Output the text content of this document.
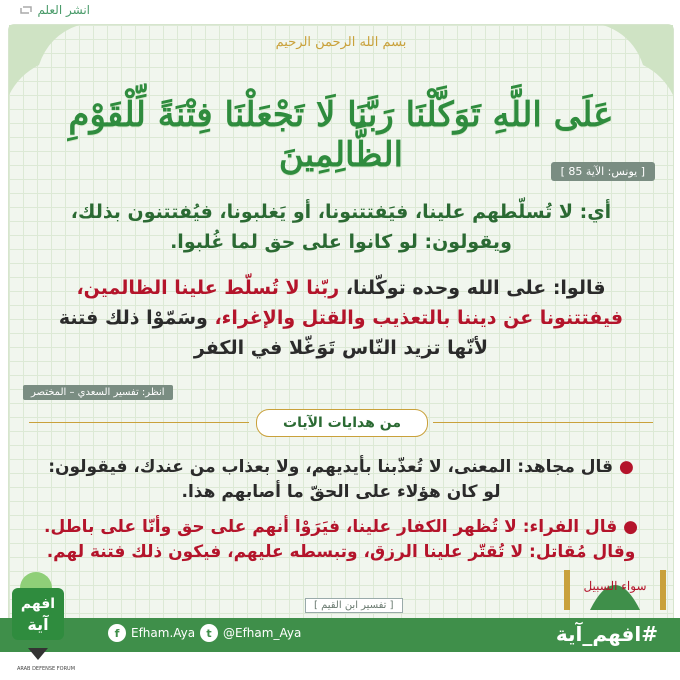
انشر العلم
بسم الله الرحمن الرحيم
عَلَى اللَّهِ تَوَكَّلْنَا رَبَّنَا لَا تَجْعَلْنَا فِتْنَةً لِّلْقَوْمِ الظَّالِمِينَ	[ يونس: الآية 85 ]
أي: لا تُسلّطهم علينا، فيَفتتنونا، أو يَغلبونا، فيُفتتنون بذلك، ويقولون: لو كانوا على حق لما غُلبوا.
قالوا: على الله وحده توكّلنا، ربّنا لا تُسلّط علينا الظالمين،
فيفتتنونا عن ديننا بالتعذيب والقتل والإغراء، وسَمّوْا ذلك فتنة لأنّها تزيد النّاس تَوَغّلا في الكفر
انظر: تفسير السعدي – المختصر
من هدايات الآيات
● قال مجاهد: المعنى، لا تُعذّبنا بأيديهم، ولا بعذاب من عندك، فيقولون: لو كان هؤلاء على الحقّ ما أصابهم هذا.
● قال الفراء: لا تُظهر الكفار علينا، فيَرَوْا أنهم على حق وأنّا على باطل.
وقال مُقاتل: لا تُقتّر علينا الرزق، وتبسطه عليهم، فيكون ذلك فتنة لهم.
[ تفسير ابن القيم ]
f Efham.Aya	t @Efham_Aya	#افهم_آية
سواء السبيل
افهم
آية
ARAB DEFENSE FORUM
